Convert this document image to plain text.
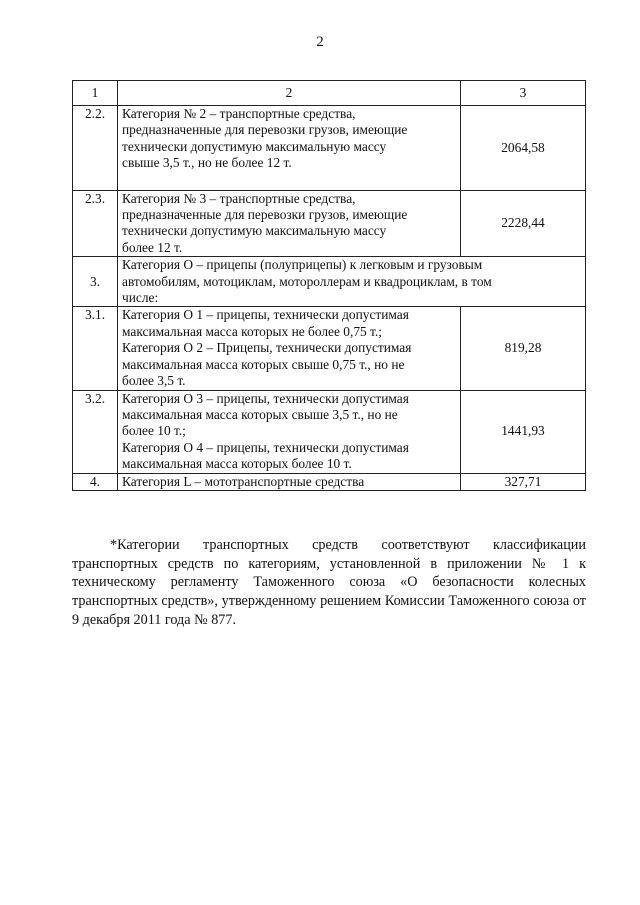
2
1	2	3
2.2.	Категория № 2 – транспортные средства,
предназначенные для перевозки грузов, имеющие
технически допустимую максимальную массу
свыше 3,5 т., но не более 12 т.	2064,58
2.3.	Категория № 3 – транспортные средства,
предназначенные для перевозки грузов, имеющие
технически допустимую максимальную массу
более 12 т.	2228,44
3.	Категория О – прицепы (полуприцепы) к легковым и грузовым
автомобилям, мотоциклам, мотороллерам и квадроциклам, в том
числе:	

3.1.	Категория О 1 – прицепы, технически допустимая
максимальная масса которых не более 0,75 т.;
Категория О 2 – Прицепы, технически допустимая
максимальная масса которых свыше 0,75 т., но не
более 3,5 т.	819,28
3.2.	Категория О 3 – прицепы, технически допустимая
максимальная масса которых свыше 3,5 т., но не
более 10 т.;
Категория О 4 – прицепы, технически допустимая
максимальная масса которых более 10 т.	1441,93
4.	Категория L – мототранспортные средства	327,71

*Категории транспортных средств соответствуют классификации транспортных средств по категориям, установленной в приложении № 1 к техническому регламенту Таможенного союза «О безопасности колесных транспортных средств», утвержденному решением Комиссии Таможенного союза от 9 декабря 2011 года № 877.
